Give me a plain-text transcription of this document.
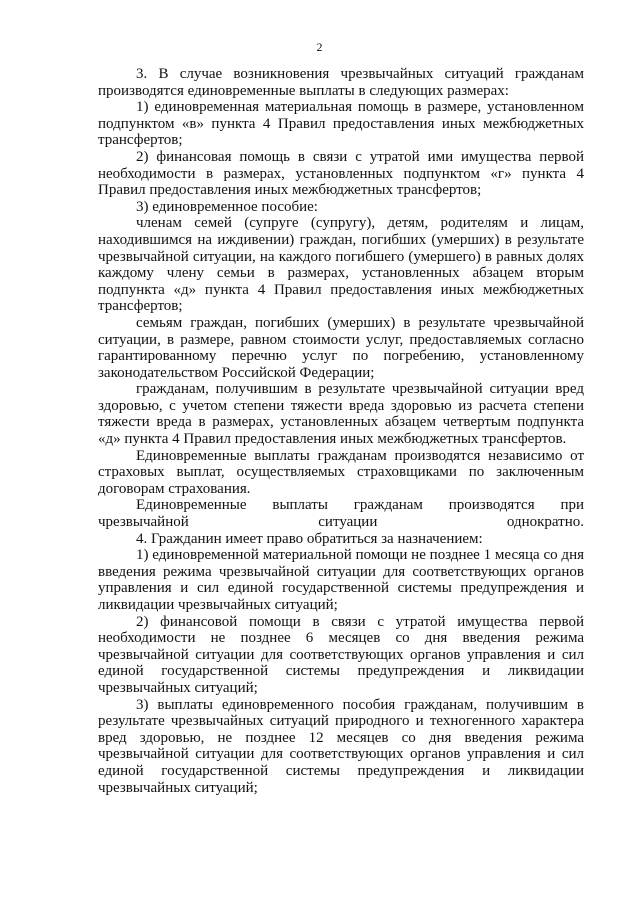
2

3. В случае возникновения чрезвычайных ситуаций гражданам производятся единовременные выплаты в следующих размерах:

1) единовременная материальная помощь в размере, установленном подпунктом «в» пункта 4 Правил предоставления иных межбюджетных трансфертов;

2) финансовая помощь в связи с утратой ими имущества первой необходимости в размерах, установленных подпунктом «г» пункта 4 Правил предоставления иных межбюджетных трансфертов;

3) единовременное пособие:

членам семей (супруге (супругу), детям, родителям и лицам, находившимся на иждивении) граждан, погибших (умерших) в результате чрезвычайной ситуации, на каждого погибшего (умершего) в равных долях каждому члену семьи в размерах, установленных абзацем вторым подпункта «д» пункта 4 Правил предоставления иных межбюджетных трансфертов;

семьям граждан, погибших (умерших) в результате чрезвычайной ситуации, в размере, равном стоимости услуг, предоставляемых согласно гарантированному перечню услуг по погребению, установленному законодательством Российской Федерации;

гражданам, получившим в результате чрезвычайной ситуации вред здоровью, с учетом степени тяжести вреда здоровью из расчета степени тяжести вреда в размерах, установленных абзацем четвертым подпункта «д» пункта 4 Правил предоставления иных межбюджетных трансфертов.

Единовременные выплаты гражданам производятся независимо от страховых выплат, осуществляемых страховщиками по заключенным договорам страхования.

Единовременные выплаты гражданам производятся при чрезвычайной ситуации однократно.

4. Гражданин имеет право обратиться за назначением:

1) единовременной материальной помощи не позднее 1 месяца со дня введения режима чрезвычайной ситуации для соответствующих органов управления и сил единой государственной системы предупреждения и ликвидации чрезвычайных ситуаций;

2) финансовой помощи в связи с утратой имущества первой необходимости не позднее 6 месяцев со дня введения режима чрезвычайной ситуации для соответствующих органов управления и сил единой государственной системы предупреждения и ликвидации чрезвычайных ситуаций;

3) выплаты единовременного пособия гражданам, получившим в результате чрезвычайных ситуаций природного и техногенного характера вред здоровью, не позднее 12 месяцев со дня введения режима чрезвычайной ситуации для соответствующих органов управления и сил единой государственной системы предупреждения и ликвидации чрезвычайных ситуаций;
